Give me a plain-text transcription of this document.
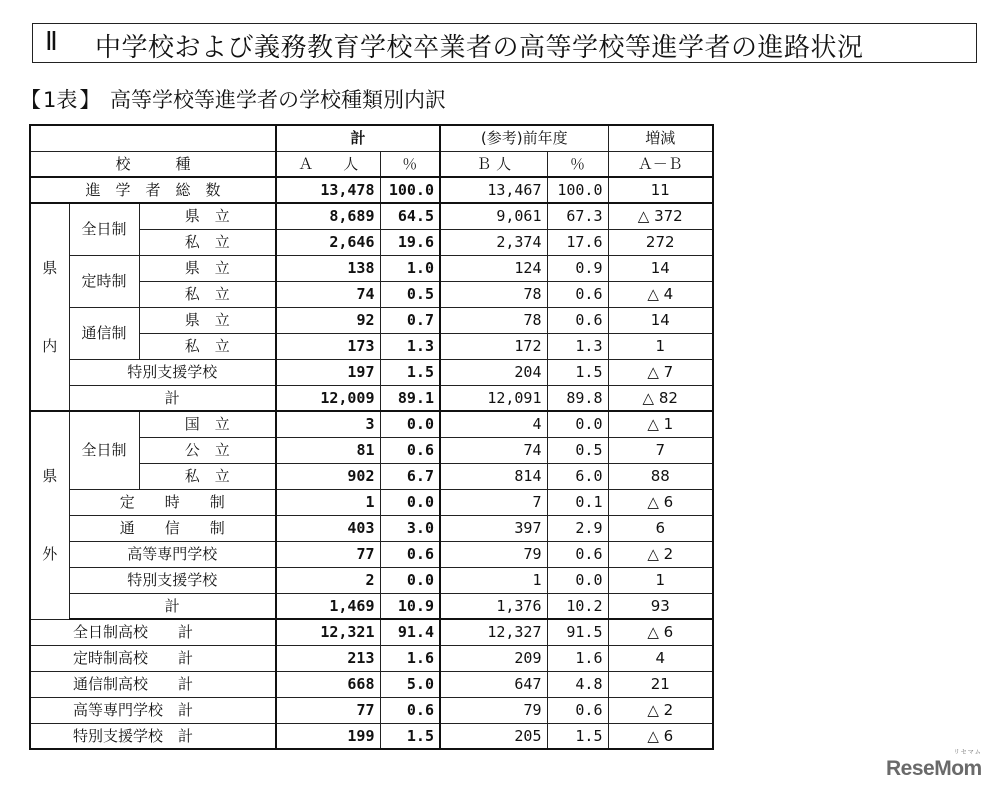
Ⅱ 中学校および義務教育学校卒業者の高等学校等進学者の進路状況
【1表】 高等学校等進学者の学校種類別内訳
			計		(参考)前年度		増減
校　　　種			Ａ　　人	％	Ｂ 人	％	Ａ－Ｂ
進　学　者　総　数			13,478	100.0	13,467	100.0	11

県
内	全日制	県　立	8,689	64.5	9,061	67.3	△ 372
		私　立	2,646	19.6	2,374	17.6	272
	定時制	県　立	138	1.0	124	0.9	14
		私　立	74	0.5	78	0.6	△ 4
	通信制	県　立	92	0.7	78	0.6	14
		私　立	173	1.3	172	1.3	1
	特別支援学校		197	1.5	204	1.5	△ 7
	計		12,009	89.1	12,091	89.8	△ 82

県
外	全日制	国　立	3	0.0	4	0.0	△ 1
		公　立	81	0.6	74	0.5	7
		私　立	902	6.7	814	6.0	88
	定　　時　　制		1	0.0	7	0.1	△ 6
	通　　信　　制		403	3.0	397	2.9	6
	高等専門学校		77	0.6	79	0.6	△ 2
	特別支援学校		2	0.0	1	0.0	1
	計		1,469	10.9	1,376	10.2	93
全日制高校　　計			12,321	91.4	12,327	91.5	△ 6
定時制高校　　計			213	1.6	209	1.6	4
通信制高校　　計			668	5.0	647	4.8	21
高等専門学校　計			77	0.6	79	0.6	△ 2
特別支援学校　計			199	1.5	205	1.5	△ 6
リセマム
ReseMom
